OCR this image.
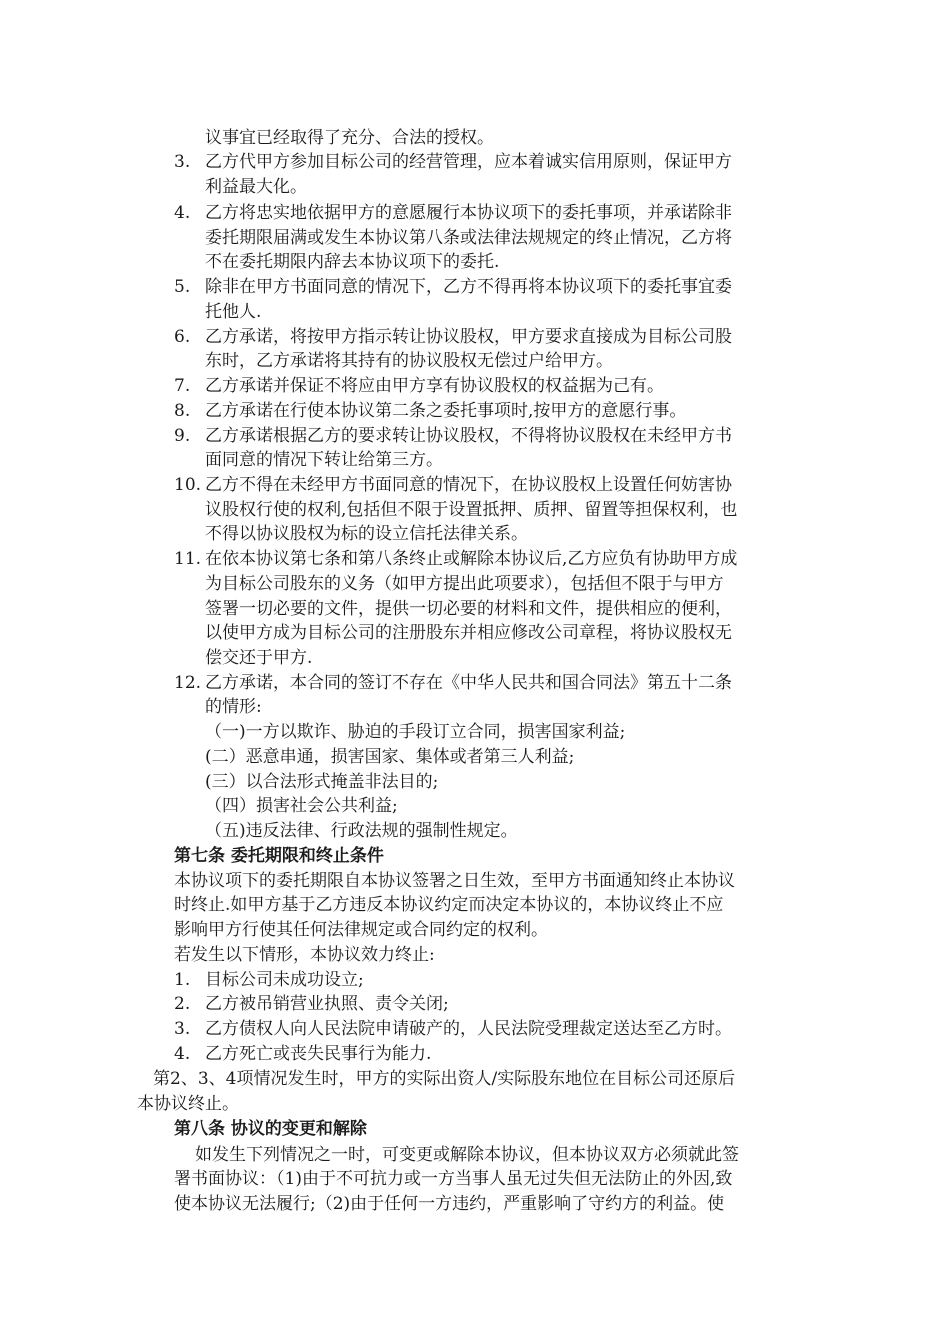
议事宜已经取得了充分、合法的授权。
3. 乙方代甲方参加目标公司的经营管理，应本着诚实信用原则，保证甲方
利益最大化。
4. 乙方将忠实地依据甲方的意愿履行本协议项下的委托事项，并承诺除非
委托期限届满或发生本协议第八条或法律法规规定的终止情况，乙方将
不在委托期限内辞去本协议项下的委托.
5. 除非在甲方书面同意的情况下，乙方不得再将本协议项下的委托事宜委
托他人.
6. 乙方承诺，将按甲方指示转让协议股权，甲方要求直接成为目标公司股
东时，乙方承诺将其持有的协议股权无偿过户给甲方。
7. 乙方承诺并保证不将应由甲方享有协议股权的权益据为己有。
8. 乙方承诺在行使本协议第二条之委托事项时,按甲方的意愿行事。
9. 乙方承诺根据乙方的要求转让协议股权，不得将协议股权在未经甲方书
面同意的情况下转让给第三方。
10. 乙方不得在未经甲方书面同意的情况下，在协议股权上设置任何妨害协
议股权行使的权利,包括但不限于设置抵押、质押、留置等担保权利，也
不得以协议股权为标的设立信托法律关系。
11. 在依本协议第七条和第八条终止或解除本协议后,乙方应负有协助甲方成
为目标公司股东的义务（如甲方提出此项要求），包括但不限于与甲方
签署一切必要的文件，提供一切必要的材料和文件，提供相应的便利，
以使甲方成为目标公司的注册股东并相应修改公司章程，将协议股权无
偿交还于甲方.
12. 乙方承诺，本合同的签订不存在《中华人民共和国合同法》第五十二条
的情形:
（一)一方以欺诈、胁迫的手段订立合同，损害国家利益;
(二）恶意串通，损害国家、集体或者第三人利益;
(三）以合法形式掩盖非法目的;
（四）损害社会公共利益;
（五)违反法律、行政法规的强制性规定。
第七条 委托期限和终止条件
本协议项下的委托期限自本协议签署之日生效，至甲方书面通知终止本协议
时终止.如甲方基于乙方违反本协议约定而决定本协议的，本协议终止不应
影响甲方行使其任何法律规定或合同约定的权利。
若发生以下情形，本协议效力终止:
1. 目标公司未成功设立;
2. 乙方被吊销营业执照、责令关闭;
3. 乙方债权人向人民法院申请破产的，人民法院受理裁定送达至乙方时。
4. 乙方死亡或丧失民事行为能力.
第2、3、4项情况发生时，甲方的实际出资人/实际股东地位在目标公司还原后
本协议终止。
第八条 协议的变更和解除
如发生下列情况之一时，可变更或解除本协议，但本协议双方必须就此签
署书面协议：（1)由于不可抗力或一方当事人虽无过失但无法防止的外因,致
使本协议无法履行;（2)由于任何一方违约，严重影响了守约方的利益。使
